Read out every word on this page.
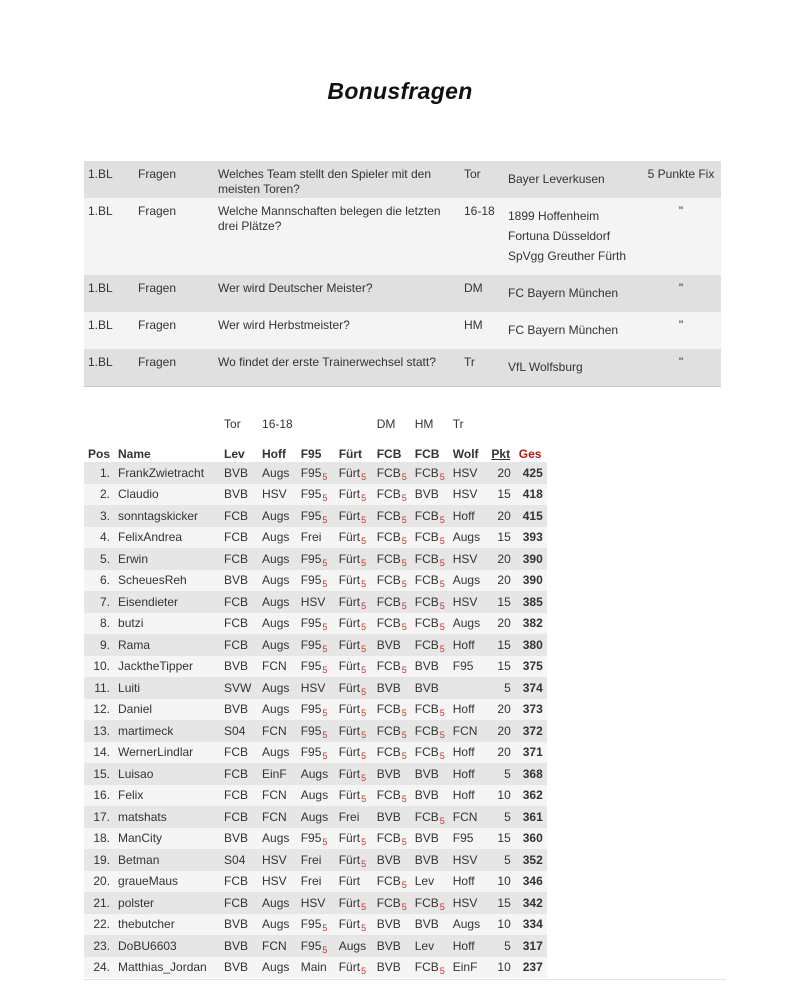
Bonusfragen
1.BL	Fragen	Welches Team stellt den Spieler mit den meisten Toren?	Tor	Bayer Leverkusen	5 Punkte Fix
1.BL	Fragen	Welche Mannschaften belegen die letzten drei Plätze?	16-18	1899 Hoffenheim
Fortuna Düsseldorf
SpVgg Greuther Fürth	"
1.BL	Fragen	Wer wird Deutscher Meister?	DM	FC Bayern München	"
1.BL	Fragen	Wer wird Herbstmeister?	HM	FC Bayern München	"
1.BL	Fragen	Wo findet der erste Trainerwechsel statt?	Tr	VfL Wolfsburg	"
		Tor	16-18			DM	HM	Tr		
Pos	Name	Lev	Hoff	F95	Fürt	FCB	FCB	Wolf	Pkt	Ges
1.	FrankZwietracht	BVB	Augs	$F95_5$	Fürt$_5$	$FCB_5$	$FCB_5$	HSV	20	425
2.	Claudio	BVB	HSV	$F95_5$	Fürt$_5$	$FCB_5$	BVB	HSV	15	418
3.	sonntagskicker	FCB	Augs	$F95_5$	Fürt$_5$	$FCB_5$	$FCB_5$	Hoff	20	415
4.	FelixAndrea	FCB	Augs	Frei	Fürt$_5$	$FCB_5$	$FCB_5$	Augs	15	393
5.	Erwin	FCB	Augs	$F95_5$	Fürt$_5$	$FCB_5$	$FCB_5$	HSV	20	390
6.	ScheuesReh	BVB	Augs	$F95_5$	Fürt$_5$	$FCB_5$	$FCB_5$	Augs	20	390
7.	Eisendieter	FCB	Augs	HSV	Fürt$_5$	$FCB_5$	$FCB_5$	HSV	15	385
8.	butzi	FCB	Augs	$F95_5$	Fürt$_5$	$FCB_5$	$FCB_5$	Augs	20	382
9.	Rama	FCB	Augs	$F95_5$	Fürt$_5$	BVB	$FCB_5$	Hoff	15	380
10.	JacktheTipper	BVB	FCN	$F95_5$	Fürt$_5$	$FCB_5$	BVB	F95	15	375
11.	Luiti	SVW	Augs	HSV	Fürt$_5$	BVB	BVB		5	374
12.	Daniel	BVB	Augs	$F95_5$	Fürt$_5$	$FCB_5$	$FCB_5$	Hoff	20	373
13.	martimeck	S04	FCN	$F95_5$	Fürt$_5$	$FCB_5$	$FCB_5$	FCN	20	372
14.	WernerLindlar	FCB	Augs	$F95_5$	Fürt$_5$	$FCB_5$	$FCB_5$	Hoff	20	371
15.	Luisao	FCB	EinF	Augs	Fürt$_5$	BVB	BVB	Hoff	5	368
16.	Felix	FCB	FCN	Augs	Fürt$_5$	$FCB_5$	BVB	Hoff	10	362
17.	matshats	FCB	FCN	Augs	Frei	BVB	$FCB_5$	FCN	5	361
18.	ManCity	BVB	Augs	$F95_5$	Fürt$_5$	$FCB_5$	BVB	F95	15	360
19.	Betman	S04	HSV	Frei	Fürt$_5$	BVB	BVB	HSV	5	352
20.	graueMaus	FCB	HSV	Frei	Fürt	$FCB_5$	Lev	Hoff	10	346
21.	polster	FCB	Augs	HSV	Fürt$_5$	$FCB_5$	$FCB_5$	HSV	15	342
22.	thebutcher	BVB	Augs	$F95_5$	Fürt$_5$	BVB	BVB	Augs	10	334
23.	DoBU6603	BVB	FCN	$F95_5$	Augs	BVB	Lev	Hoff	5	317
24.	Matthias_Jordan	BVB	Augs	Main	Fürt$_5$	BVB	$FCB_5$	EinF	10	237
